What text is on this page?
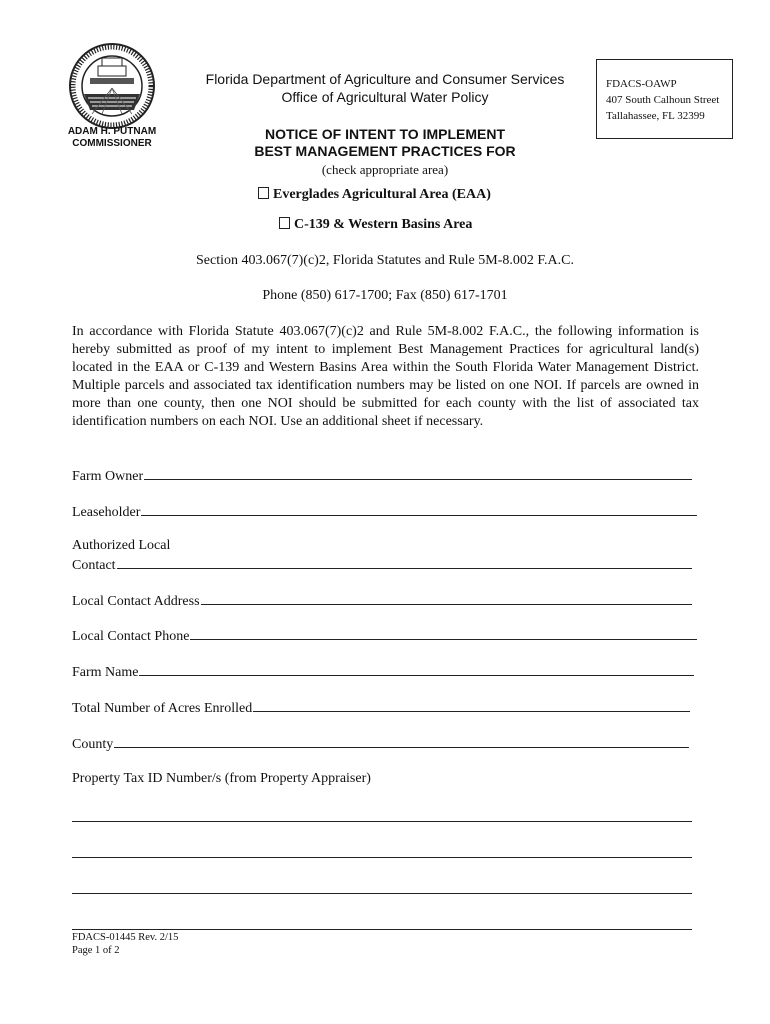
ADAM H. PUTNAM
COMMISSIONER
Florida Department of Agriculture and Consumer Services
Office of Agricultural Water Policy
FDACS-OAWP
407 South Calhoun Street
Tallahassee, FL 32399
NOTICE OF INTENT TO IMPLEMENT
BEST MANAGEMENT PRACTICES FOR
(check appropriate area)
Everglades Agricultural Area (EAA)
C-139 & Western Basins Area
Section 403.067(7)(c)2, Florida Statutes and Rule 5M-8.002 F.A.C.
Phone (850) 617-1700; Fax (850) 617-1701
In accordance with Florida Statute 403.067(7)(c)2 and Rule 5M-8.002 F.A.C., the following information is hereby submitted as proof of my intent to implement Best Management Practices for agricultural land(s) located in the EAA or C-139 and Western Basins Area within the South Florida Water Management District. Multiple parcels and associated tax identification numbers may be listed on one NOI. If parcels are owned in more than one county, then one NOI should be submitted for each county with the list of associated tax identification numbers on each NOI. Use an additional sheet if necessary.
Farm Owner
Leaseholder
Authorized Local
Contact
Local Contact Address
Local Contact Phone
Farm Name
Total Number of Acres Enrolled
County
Property Tax ID Number/s (from Property Appraiser)
FDACS-01445 Rev. 2/15
Page 1 of 2
